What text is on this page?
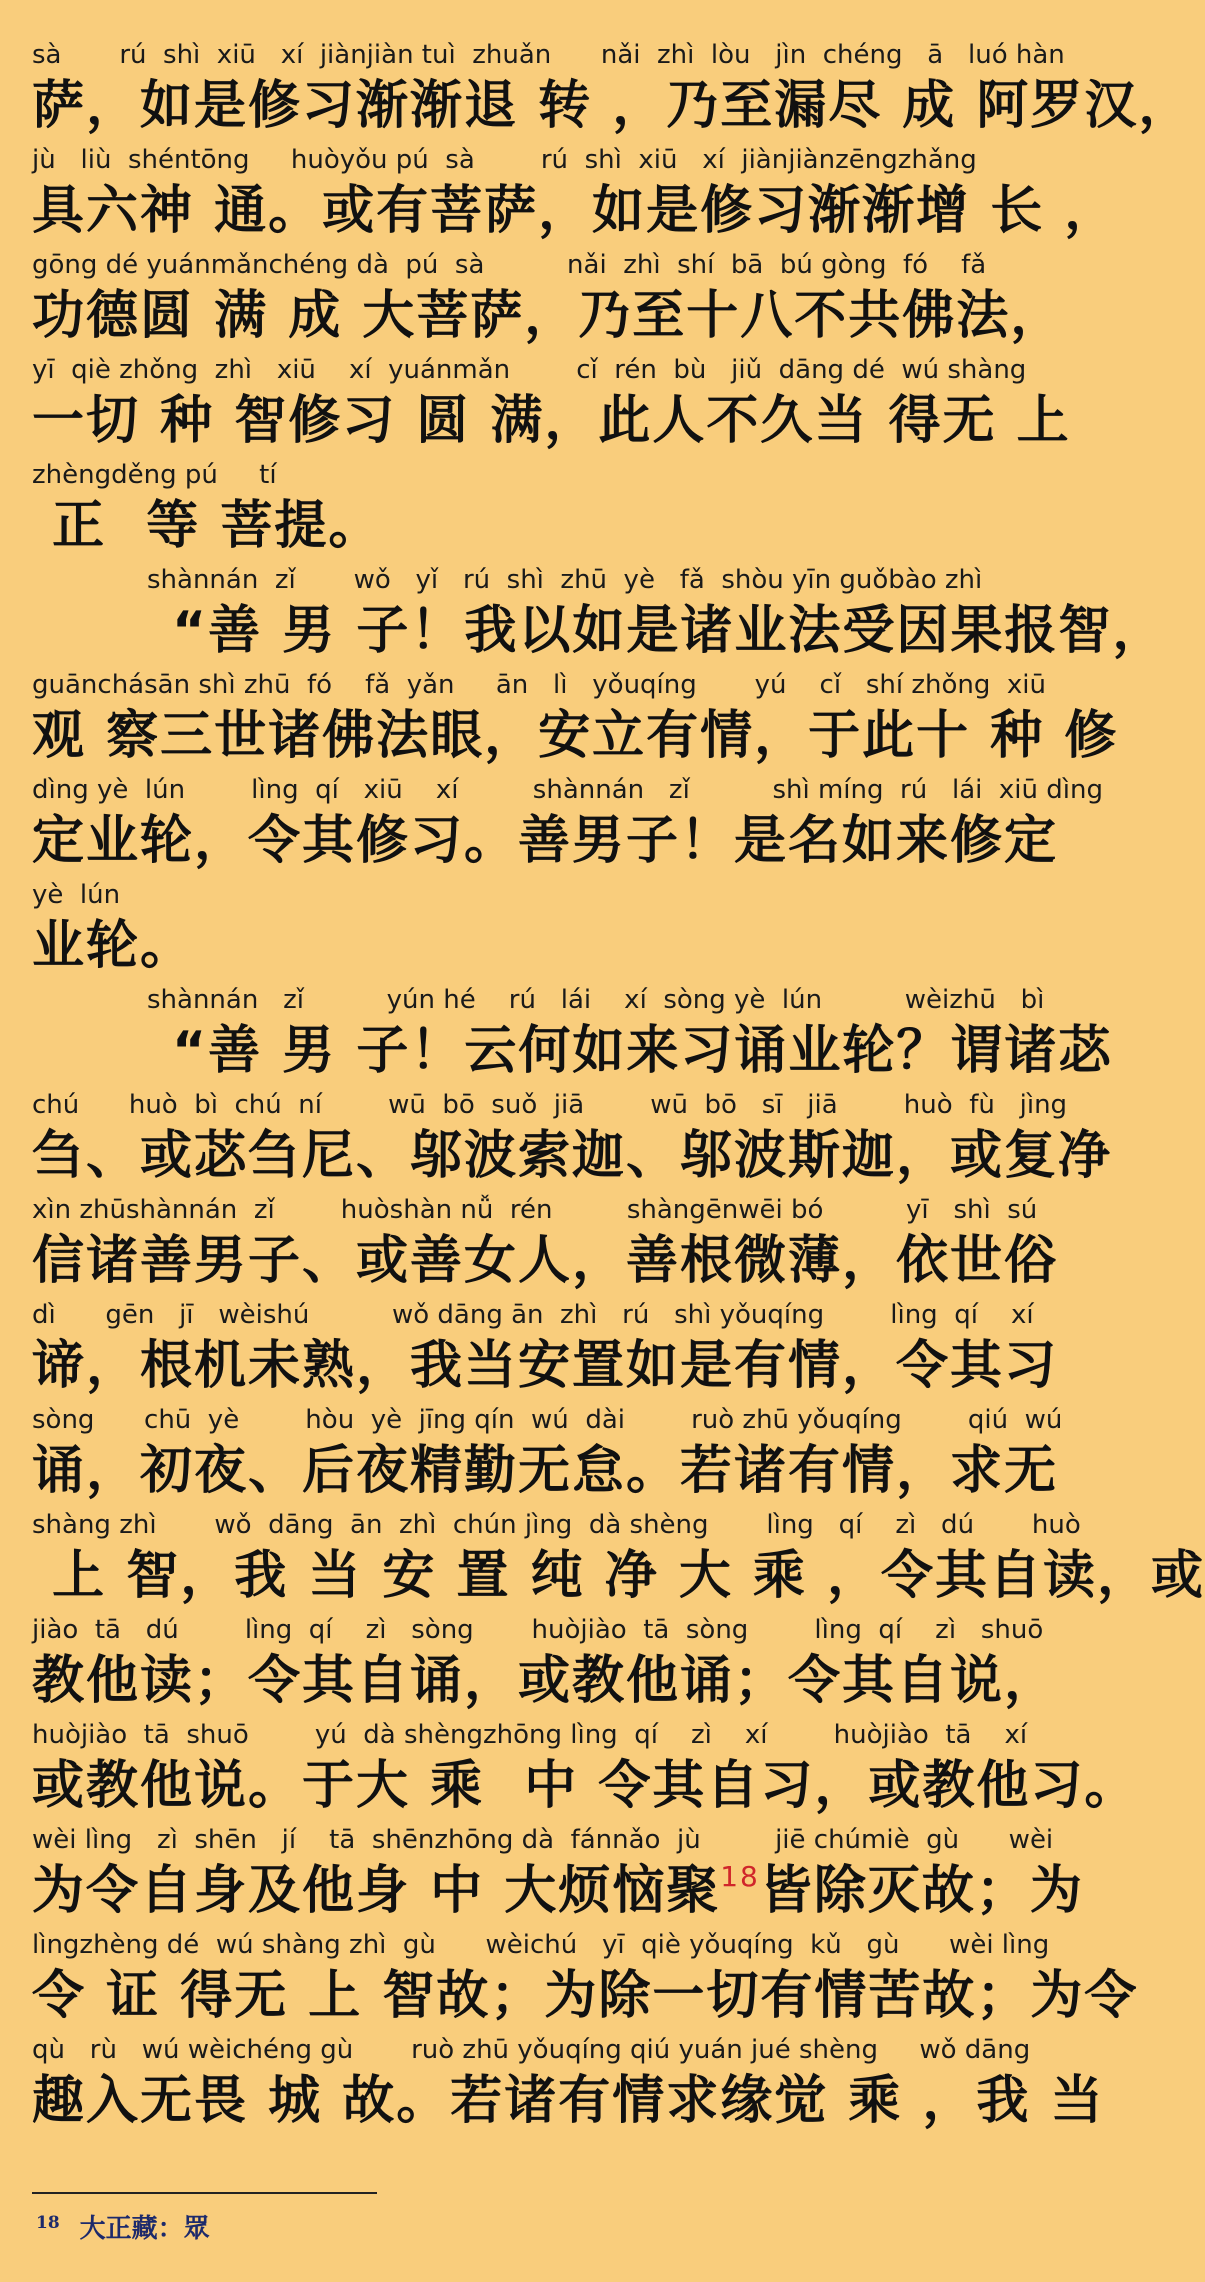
sà       rú  shì  xiū   xí  jiànjiàn tuì  zhuǎn      nǎi  zhì  lòu   jìn  chéng   ā   luó hàn
萨，如是修习渐渐退 转 ，乃至漏尽 成 阿罗汉，
jù   liù  shéntōng     huòyǒu pú  sà        rú  shì  xiū   xí  jiànjiànzēngzhǎng
具六神 通。或有菩萨，如是修习渐渐增 长 ，
gōng dé yuánmǎnchéng dà  pú  sà          nǎi  zhì  shí  bā  bú gòng  fó    fǎ
功德圆 满 成 大菩萨，乃至十八不共佛法，
yī  qiè zhǒng  zhì   xiū    xí  yuánmǎn        cǐ  rén  bù   jiǔ  dāng dé  wú shàng
一切 种 智修习 圆 满，此人不久当 得无 上
zhèngděng pú     tí
正  等 菩提。
shànnán  zǐ       wǒ   yǐ   rú  shì  zhū  yè   fǎ  shòu yīn guǒbào zhì
“善 男 子！我以如是诸业法受因果报智，
guānchásān shì zhū  fó    fǎ  yǎn     ān   lì   yǒuqíng       yú    cǐ   shí zhǒng  xiū
观 察三世诸佛法眼，安立有情，于此十 种 修
dìng yè  lún        lìng  qí   xiū    xí         shànnán   zǐ          shì míng  rú   lái  xiū dìng
定业轮，令其修习。善男子！是名如来修定
yè  lún
业轮。
shànnán   zǐ          yún hé    rú   lái    xí  sòng yè  lún          wèizhū   bì
“善 男 子！云何如来习诵业轮？谓诸苾
chú      huò  bì  chú  ní        wū  bō  suǒ  jiā        wū  bō   sī   jiā        huò  fù   jìng
刍、或苾刍尼、邬波索迦、邬波斯迦，或复净
xìn zhūshànnán  zǐ        huòshàn nǚ  rén         shàngēnwēi bó          yī   shì  sú
信诸善男子、或善女人，善根微薄，依世俗
dì      gēn   jī   wèishú          wǒ dāng ān  zhì   rú   shì yǒuqíng        lìng  qí    xí
谛，根机未熟，我当安置如是有情，令其习
sòng      chū  yè        hòu  yè  jīng qín  wú  dài        ruò zhū yǒuqíng        qiú  wú
诵，初夜、后夜精勤无怠。若诸有情，求无
shàng zhì       wǒ  dāng  ān  zhì  chún jìng  dà shèng       lìng   qí    zì   dú       huò
上 智，我 当 安 置 纯 净 大 乘 ，令其自读，或
jiào  tā   dú        lìng  qí    zì   sòng       huòjiào  tā  sòng        lìng  qí    zì   shuō
教他读；令其自诵，或教他诵；令其自说，
huòjiào  tā  shuō        yú  dà shèngzhōng lìng  qí    zì    xí        huòjiào  tā    xí
或教他说。于大 乘  中 令其自习，或教他习。
wèi lìng   zì  shēn   jí    tā  shēnzhōng dà  fánnǎo  jù         jiē chúmiè  gù      wèi
为令自身及他身 中 大烦恼聚$^{18}$皆除灭故；为
lìngzhèng dé  wú shàng zhì  gù      wèichú   yī  qiè yǒuqíng  kǔ   gù      wèi lìng
令 证 得无 上 智故；为除一切有情苦故；为令
qù   rù   wú wèichéng gù       ruò zhū yǒuqíng qiú yuán jué shèng     wǒ dāng
趣入无畏 城 故。若诸有情求缘觉 乘 ，我 当
18 大正藏：眾
